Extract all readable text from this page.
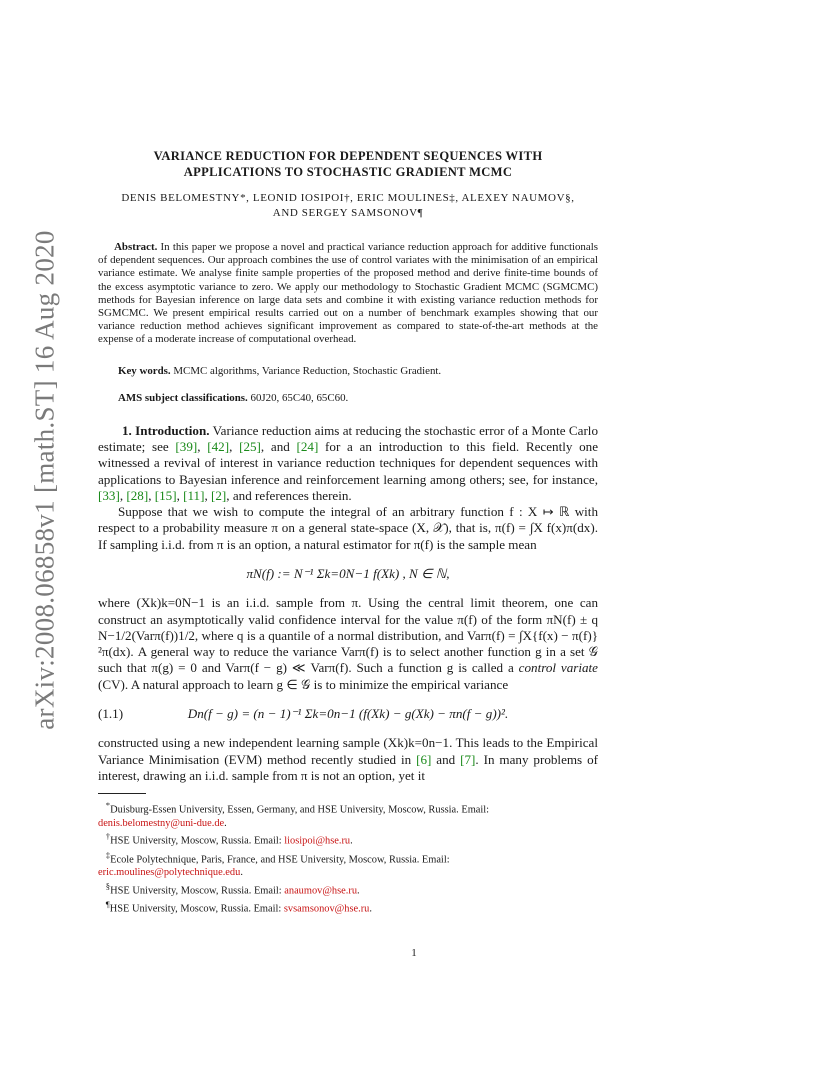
arXiv:2008.06858v1 [math.ST] 16 Aug 2020

VARIANCE REDUCTION FOR DEPENDENT SEQUENCES WITH
APPLICATIONS TO STOCHASTIC GRADIENT MCMC

DENIS BELOMESTNY*, LEONID IOSIPOI†, ERIC MOULINES‡, ALEXEY NAUMOV§,
AND SERGEY SAMSONOV¶

Abstract. In this paper we propose a novel and practical variance reduction approach for additive functionals of dependent sequences. Our approach combines the use of control variates with the minimisation of an empirical variance estimate. We analyse finite sample properties of the proposed method and derive finite-time bounds of the excess asymptotic variance to zero. We apply our methodology to Stochastic Gradient MCMC (SGMCMC) methods for Bayesian inference on large data sets and combine it with existing variance reduction methods for SGMCMC. We present empirical results carried out on a number of benchmark examples showing that our variance reduction method achieves significant improvement as compared to state-of-the-art methods at the expense of a moderate increase of computational overhead.

Key words. MCMC algorithms, Variance Reduction, Stochastic Gradient.

AMS subject classifications. 60J20, 65C40, 65C60.

1. Introduction. Variance reduction aims at reducing the stochastic error of a Monte Carlo estimate; see [39], [42], [25], and [24] for a an introduction to this field. Recently one witnessed a revival of interest in variance reduction techniques for dependent sequences with applications to Bayesian inference and reinforcement learning among others; see, for instance, [33], [28], [15], [11], [2], and references therein.

Suppose that we wish to compute the integral of an arbitrary function f : X ↦ ℝ with respect to a probability measure π on a general state-space (X, 𝒳), that is, π(f) = ∫X f(x)π(dx). If sampling i.i.d. from π is an option, a natural estimator for π(f) is the sample mean

πN(f) := N⁻¹ Σk=0N−1 f(Xk) , N ∈ ℕ,

where (Xk)k=0N−1 is an i.i.d. sample from π. Using the central limit theorem, one can construct an asymptotically valid confidence interval for the value π(f) of the form πN(f) ± q N−1/2(Varπ(f))1/2, where q is a quantile of a normal distribution, and Varπ(f) = ∫X{f(x) − π(f)}²π(dx). A general way to reduce the variance Varπ(f) is to select another function g in a set 𝒢 such that π(g) = 0 and Varπ(f − g) ≪ Varπ(f). Such a function g is called a control variate (CV). A natural approach to learn g ∈ 𝒢 is to minimize the empirical variance

(1.1)	Dn(f − g) = (n − 1)⁻¹ Σk=0n−1 (f(Xk) − g(Xk) − πn(f − g))².

constructed using a new independent learning sample (Xk)k=0n−1. This leads to the Empirical Variance Minimisation (EVM) method recently studied in [6] and [7]. In many problems of interest, drawing an i.i.d. sample from π is not an option, yet it

*Duisburg-Essen University, Essen, Germany, and HSE University, Moscow, Russia. Email:
denis.belomestny@uni-due.de.

†HSE University, Moscow, Russia. Email: liosipoi@hse.ru.

‡Ecole Polytechnique, Paris, France, and HSE University, Moscow, Russia. Email:
eric.moulines@polytechnique.edu.

§HSE University, Moscow, Russia. Email: anaumov@hse.ru.

¶HSE University, Moscow, Russia. Email: svsamsonov@hse.ru.

1
